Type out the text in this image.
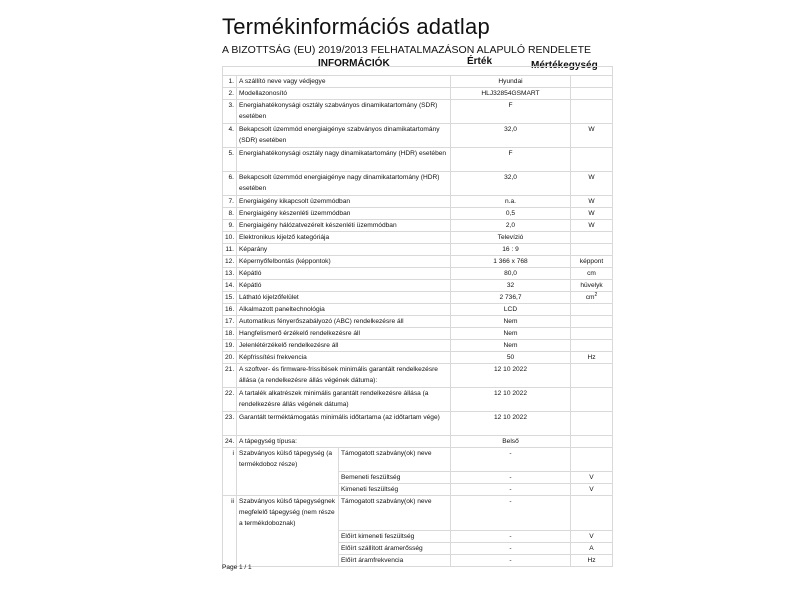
Termékinformációs adatlap
A BIZOTTSÁG (EU) 2019/2013 FELHATALMAZÁSON ALAPULÓ RENDELETE
INFORMÁCIÓK	Érték	Mértékegység

1.	A szállító neve vagy védjegye		Hyundai	
2.	Modellazonosító		HLJ32854GSMART	
3.	Energiahatékonysági osztály szabványos dinamikatartomány (SDR) esetében		F	
4.	Bekapcsolt üzemmód energiaigénye szabványos dinamikatartomány (SDR) esetében		32,0	W
5.	Energiahatékonysági osztály nagy dinamikatartomány (HDR) esetében		F	
6.	Bekapcsolt üzemmód energiaigénye nagy dinamikatartomány (HDR) esetében		32,0	W
7.	Energiaigény kikapcsolt üzemmódban		n.a.	W
8.	Energiaigény készenléti üzemmódban		0,5	W
9.	Energiaigény hálózatvezérelt készenléti üzemmódban		2,0	W
10.	Elektronikus kijelző kategóriája		Televízió	
11.	Képarány		16 : 9	
12.	Képernyőfelbontás (képpontok)		1 366 x 768	képpont
13.	Képátló		80,0	cm
14.	Képátló		32	hüvelyk
15.	Látható kijelzőfelület		2 736,7	$cm^2$
16.	Alkalmazott paneltechnológia		LCD	
17.	Automatikus fényerőszabályozó (ABC) rendelkezésre áll		Nem	
18.	Hangfelismerő érzékelő rendelkezésre áll		Nem	
19.	Jelenlétérzékelő rendelkezésre áll		Nem	
20.	Képfrissítési frekvencia		50	Hz
21.	A szoftver- és firmware-frissítések minimális garantált rendelkezésre állása (a rendelkezésre állás végének dátuma):		12 10 2022	
22.	A tartalék alkatrészek minimális garantált rendelkezésre állása (a rendelkezésre állás végének dátuma)		12 10 2022	
23.	Garantált terméktámogatás minimális időtartama (az időtartam vége)		12 10 2022	
24.	A tápegység típusa:		Belső	
i	Szabványos külső tápegység (a termékdoboz része)	Támogatott szabvány(ok) neve	-	
		Bemeneti feszültség	-	V
		Kimeneti feszültség	-	V
ii	Szabványos külső tápegységnek megfelelő tápegység (nem része a termékdoboznak)	Támogatott szabvány(ok) neve	-	
		Előírt kimeneti feszültség	-	V
		Előírt szállított áramerősség	-	A
		Előírt áramfrekvencia	-	Hz
Page 1 / 1
